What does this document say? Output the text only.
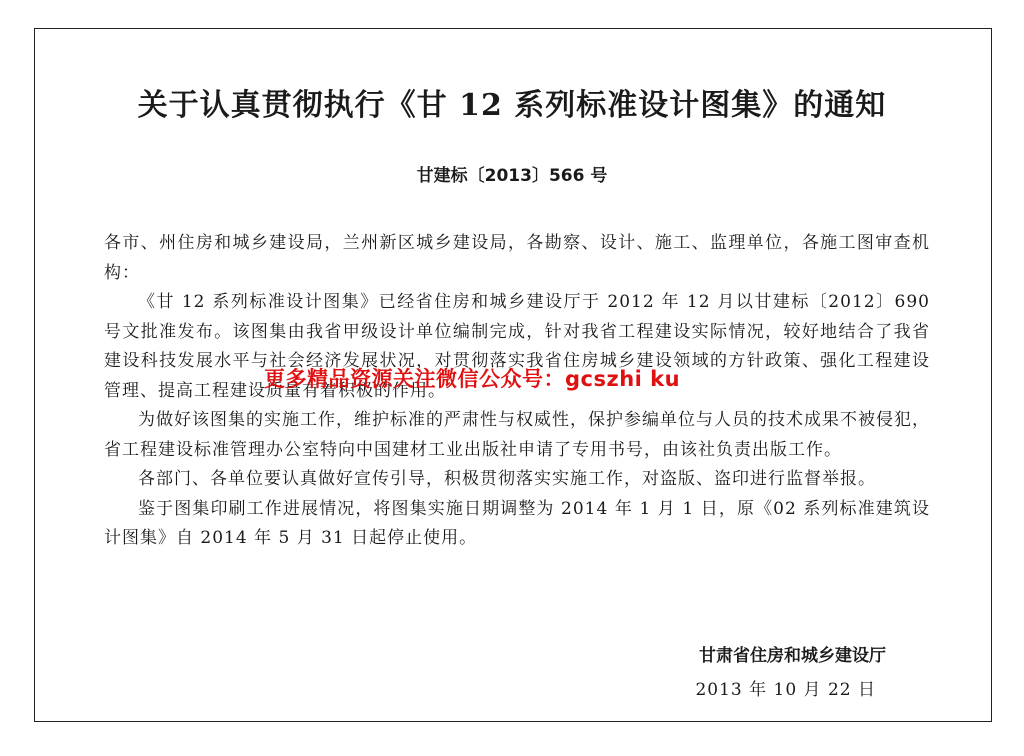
关于认真贯彻执行《甘 12 系列标准设计图集》的通知
甘建标〔2013〕566 号

各市、州住房和城乡建设局，兰州新区城乡建设局，各勘察、设计、施工、监理单位，各施工图审查机构：

《甘 12 系列标准设计图集》已经省住房和城乡建设厅于 2012 年 12 月以甘建标〔2012〕690 号文批准发布。该图集由我省甲级设计单位编制完成，针对我省工程建设实际情况，较好地结合了我省建设科技发展水平与社会经济发展状况，对贯彻落实我省住房城乡建设领域的方针政策、强化工程建设管理、提高工程建设质量有着积极的作用。

为做好该图集的实施工作，维护标准的严肃性与权威性，保护参编单位与人员的技术成果不被侵犯，省工程建设标准管理办公室特向中国建材工业出版社申请了专用书号，由该社负责出版工作。

各部门、各单位要认真做好宣传引导，积极贯彻落实实施工作，对盗版、盗印进行监督举报。

鉴于图集印刷工作进展情况，将图集实施日期调整为 2014 年 1 月 1 日，原《02 系列标准建筑设计图集》自 2014 年 5 月 31 日起停止使用。

更多精品资源关注微信公众号：gcszhi ku
甘肃省住房和城乡建设厅
2013 年 10 月 22 日
